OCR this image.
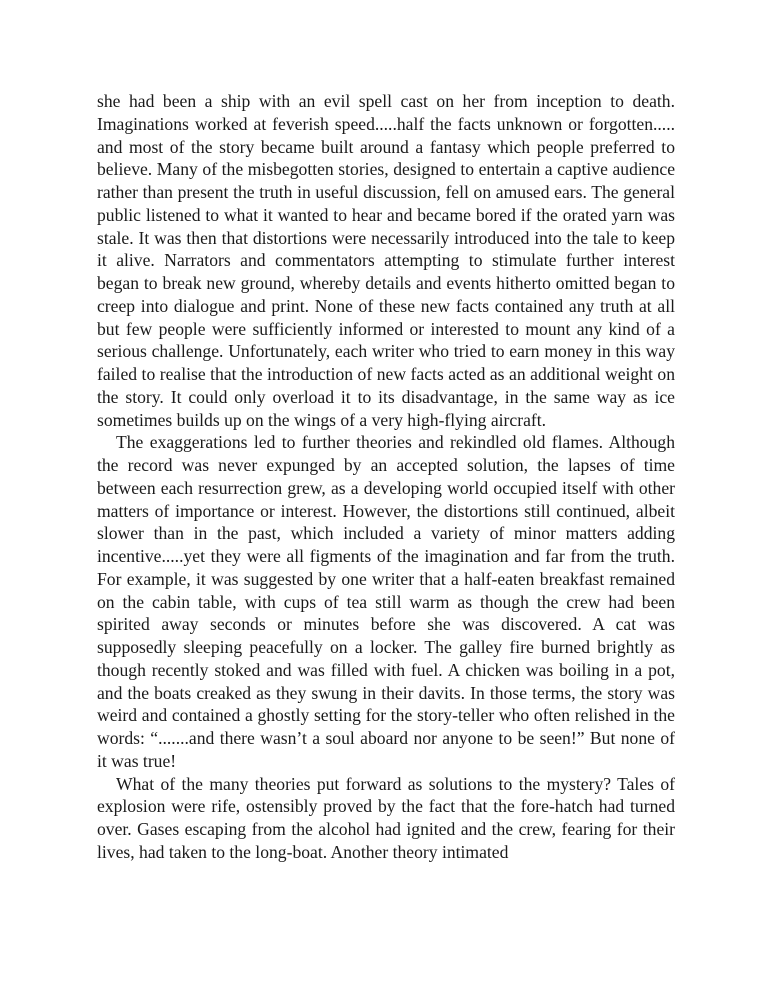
she had been a ship with an evil spell cast on her from inception to death. Imaginations worked at feverish speed.....half the facts unknown or forgotten..... and most of the story became built around a fantasy which people preferred to believe. Many of the misbegotten stories, designed to entertain a captive audience rather than present the truth in useful discussion, fell on amused ears. The general public listened to what it wanted to hear and became bored if the orated yarn was stale. It was then that distortions were necessarily introduced into the tale to keep it alive. Narrators and commentators attempting to stimulate further interest began to break new ground, whereby details and events hitherto omitted began to creep into dialogue and print. None of these new facts contained any truth at all but few people were sufficiently informed or interested to mount any kind of a serious challenge. Unfortunately, each writer who tried to earn money in this way failed to realise that the introduction of new facts acted as an additional weight on the story. It could only overload it to its disadvantage, in the same way as ice sometimes builds up on the wings of a very high-flying aircraft.

The exaggerations led to further theories and rekindled old flames. Although the record was never expunged by an accepted solution, the lapses of time between each resurrection grew, as a developing world occupied itself with other matters of importance or interest. However, the distortions still continued, albeit slower than in the past, which included a variety of minor matters adding incentive.....yet they were all figments of the imagination and far from the truth. For example, it was suggested by one writer that a half-eaten breakfast remained on the cabin table, with cups of tea still warm as though the crew had been spirited away seconds or minutes before she was discovered. A cat was supposedly sleeping peacefully on a locker. The galley fire burned brightly as though recently stoked and was filled with fuel. A chicken was boiling in a pot, and the boats creaked as they swung in their davits. In those terms, the story was weird and contained a ghostly setting for the story-teller who often relished in the words: “.......and there wasn’t a soul aboard nor anyone to be seen!” But none of it was true!

What of the many theories put forward as solutions to the mystery? Tales of explosion were rife, ostensibly proved by the fact that the fore-hatch had turned over. Gases escaping from the alcohol had ignited and the crew, fearing for their lives, had taken to the long-boat. Another theory intimated
